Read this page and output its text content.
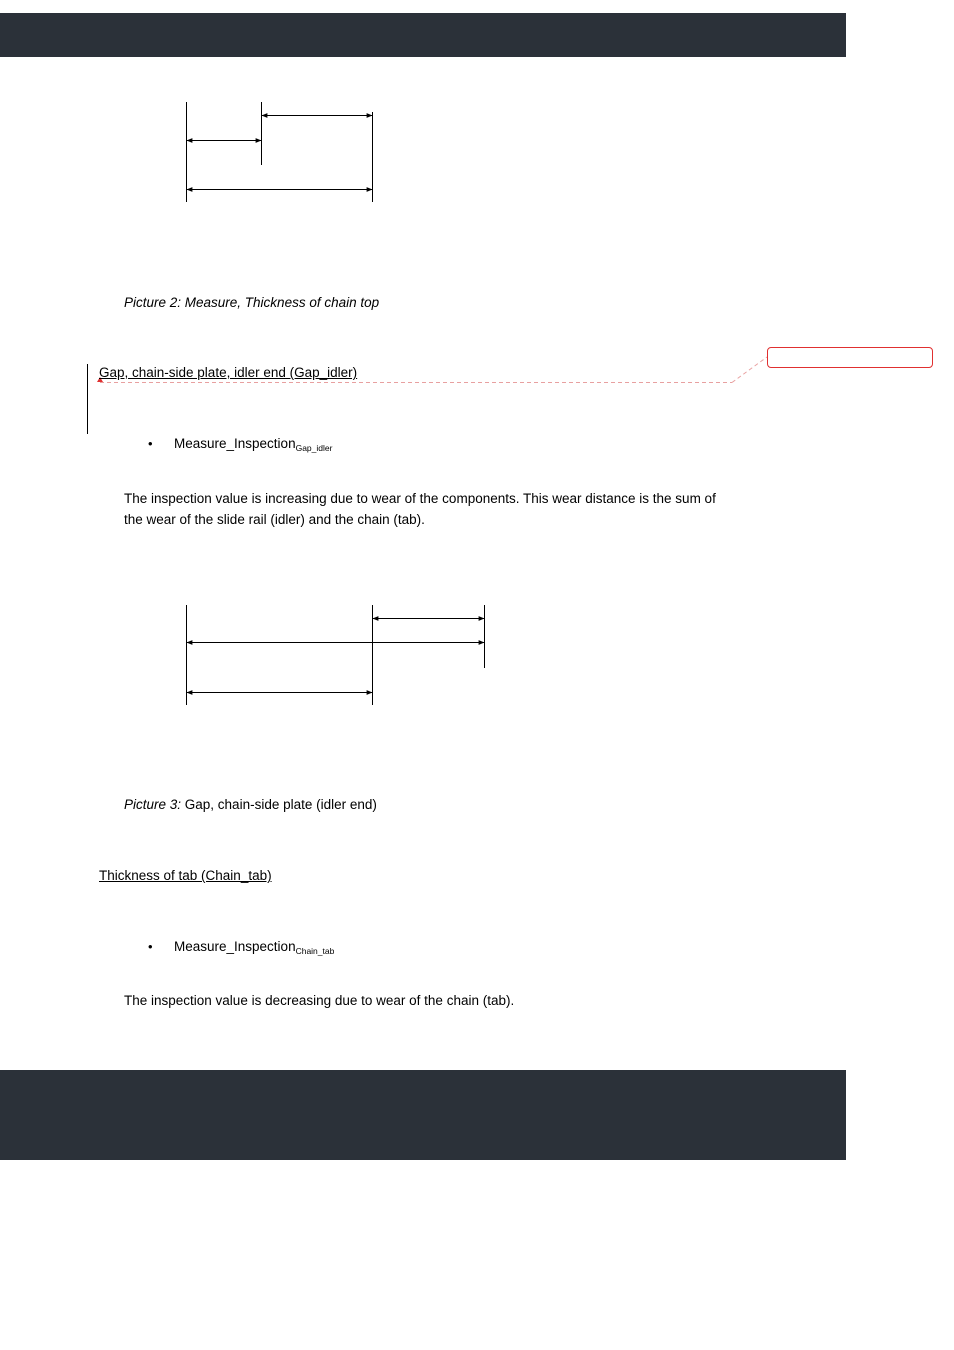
Picture 2: Measure, Thickness of chain top
Gap, chain-side plate, idler end (Gap_idler)
• Measure_Inspection$_{Gap\_idler}$
The inspection value is increasing due to wear of the components. This wear distance is the sum of the wear of the slide rail (idler) and the chain (tab).
Picture 3: Gap, chain-side plate (idler end)
Thickness of tab (Chain_tab)
• Measure_Inspection$_{Chain\_tab}$
The inspection value is decreasing due to wear of the chain (tab).
